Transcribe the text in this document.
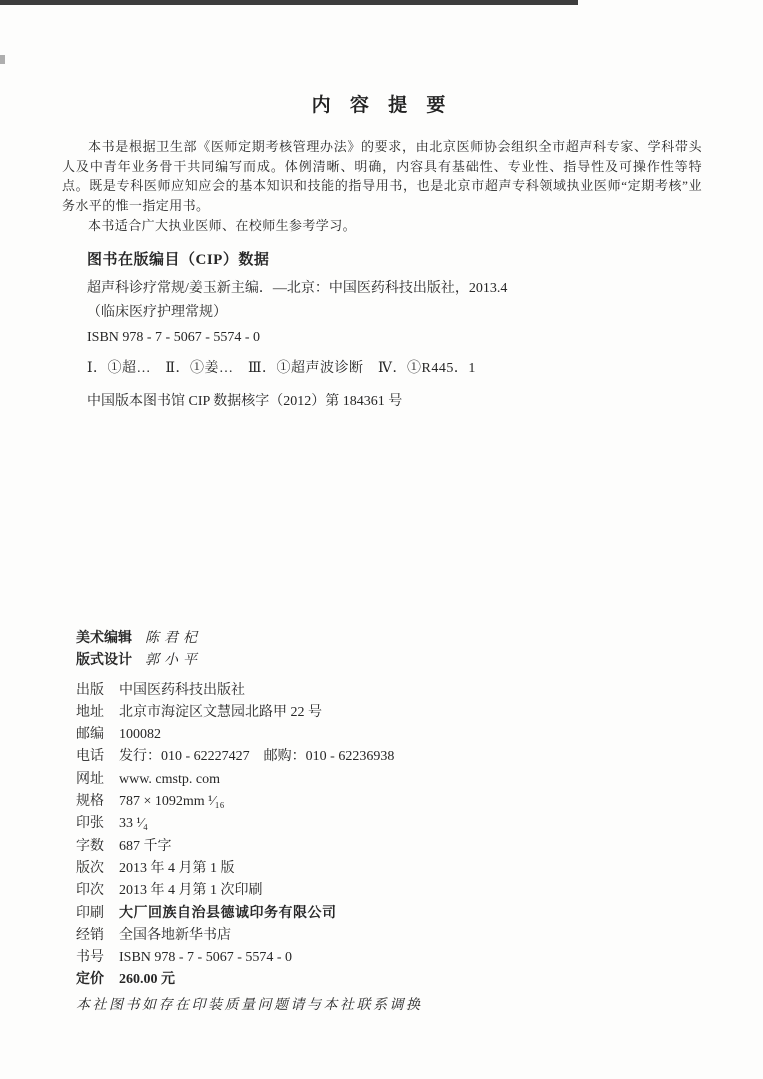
内 容 提 要

本书是根据卫生部《医师定期考核管理办法》的要求，由北京医师协会组织全市超声科专家、学科带头人及中青年业务骨干共同编写而成。体例清晰、明确，内容具有基础性、专业性、指导性及可操作性等特点。既是专科医师应知应会的基本知识和技能的指导用书，也是北京市超声专科领域执业医师“定期考核”业务水平的惟一指定用书。

本书适合广大执业医师、在校师生参考学习。

图书在版编目（CIP）数据

超声科诊疗常规/姜玉新主编．—北京：中国医药科技出版社，2013.4

（临床医疗护理常规）

ISBN 978 - 7 - 5067 - 5574 - 0

Ⅰ．①超…　Ⅱ．①姜…　Ⅲ．①超声波诊断　Ⅳ．①R445．1

中国版本图书馆 CIP 数据核字（2012）第 184361 号

美术编辑 陈君杞
版式设计 郭小平
出版 中国医药科技出版社
地址 北京市海淀区文慧园北路甲 22 号
邮编 100082
电话 发行：010 - 62227427　邮购：010 - 62236938
网址 www. cmstp. com
规格 787 × 1092mm ¹⁄₁₆
印张 33 ¹⁄₄
字数 687 千字
版次 2013 年 4 月第 1 版
印次 2013 年 4 月第 1 次印刷
印刷 大厂回族自治县德诚印务有限公司
经销 全国各地新华书店
书号 ISBN 978 - 7 - 5067 - 5574 - 0
定价 260.00 元
本社图书如存在印装质量问题请与本社联系调换
